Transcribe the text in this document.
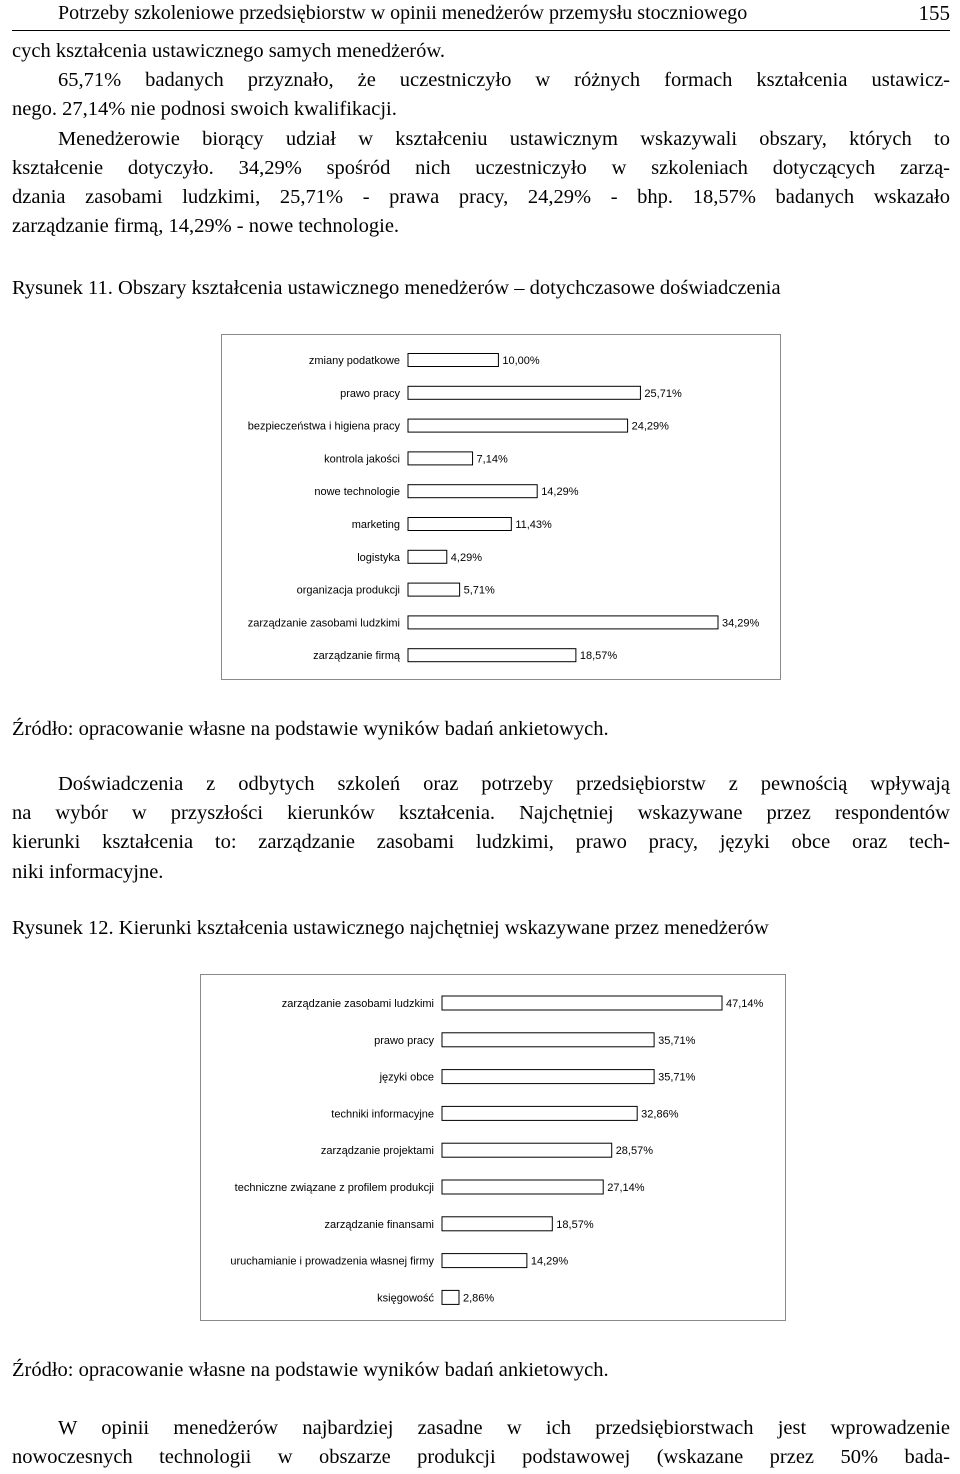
Potrzeby szkoleniowe przedsiębiorstw w opinii menedżerów przemysłu stoczniowego	155
cych kształcenia ustawicznego samych menedżerów.
65,71% badanych przyznało, że uczestniczyło w różnych formach kształcenia ustawicz-
nego. 27,14% nie podnosi swoich kwalifikacji.
Menedżerowie biorący udział w kształceniu ustawicznym wskazywali obszary, których to
kształcenie dotyczyło. 34,29% spośród nich uczestniczyło w szkoleniach dotyczących zarzą-
dzania zasobami ludzkimi, 25,71% - prawa pracy, 24,29% - bhp. 18,57% badanych wskazało
zarządzanie firmą, 14,29% - nowe technologie.

Rysunek 11. Obszary kształcenia ustawicznego menedżerów – dotychczasowe doświadczenia

zmiany podatkowe	10,00%
prawo pracy	25,71%
bezpieczeństwa i higiena pracy	24,29%
kontrola jakości	7,14%
nowe technologie	14,29%
marketing	11,43%
logistyka	4,29%
organizacja produkcji	5,71%
zarządzanie zasobami ludzkimi	34,29%
zarządzanie firmą	18,57%

Źródło: opracowanie własne na podstawie wyników badań ankietowych.

Doświadczenia z odbytych szkoleń oraz potrzeby przedsiębiorstw z pewnością wpływają
na wybór w przyszłości kierunków kształcenia. Najchętniej wskazywane przez respondentów
kierunki kształcenia to: zarządzanie zasobami ludzkimi, prawo pracy, języki obce oraz tech-
niki informacyjne.

Rysunek 12. Kierunki kształcenia ustawicznego najchętniej wskazywane przez menedżerów

zarządzanie zasobami ludzkimi	47,14%
prawo pracy	35,71%
języki obce	35,71%
techniki informacyjne	32,86%
zarządzanie projektami	28,57%
techniczne związane z profilem produkcji	27,14%
zarządzanie finansami	18,57%
uruchamianie i prowadzenia własnej firmy	14,29%
księgowość	2,86%

Źródło: opracowanie własne na podstawie wyników badań ankietowych.

W opinii menedżerów najbardziej zasadne w ich przedsiębiorstwach jest wprowadzenie
nowoczesnych technologii w obszarze produkcji podstawowej (wskazane przez 50% bada-
